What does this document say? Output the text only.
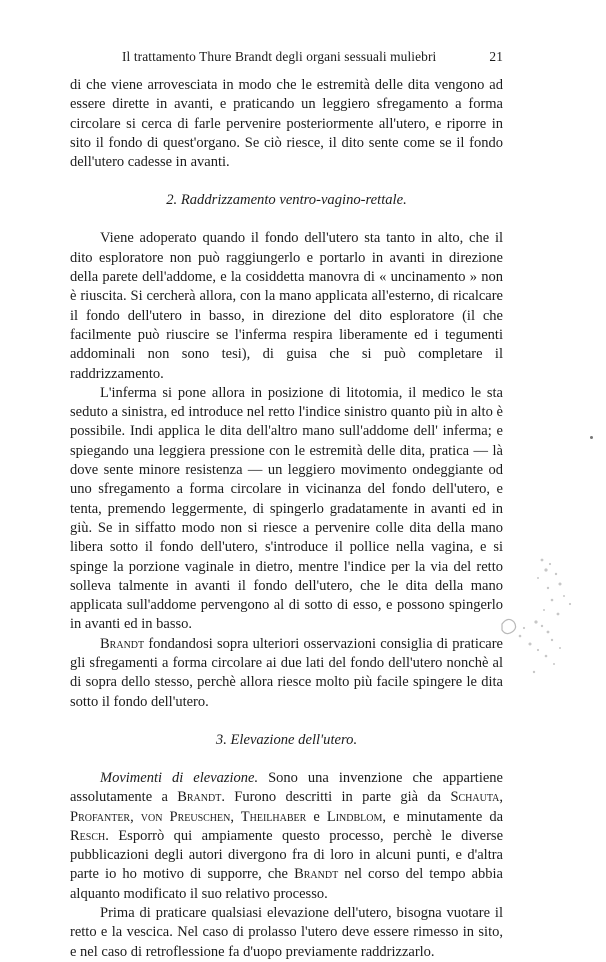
Il trattamento Thure Brandt degli organi sessuali muliebri	21

di che viene arrovesciata in modo che le estremità delle dita vengono ad essere dirette in avanti, e praticando un leggiero sfregamento a forma circolare si cerca di farle pervenire posteriormente all'utero, e riporre in sito il fondo di quest'organo. Se ciò riesce, il dito sente come se il fondo dell'utero cadesse in avanti.

2. Raddrizzamento ventro-vagino-rettale.

Viene adoperato quando il fondo dell'utero sta tanto in alto, che il dito esploratore non può raggiungerlo e portarlo in avanti in direzione della parete dell'addome, e la cosiddetta manovra di « uncinamento » non è riuscita. Si cercherà allora, con la mano applicata all'esterno, di ricalcare il fondo dell'utero in basso, in direzione del dito esploratore (il che facilmente può riuscire se l'inferma respira liberamente ed i tegumenti addominali non sono tesi), di guisa che si può completare il raddrizzamento.

L'inferma si pone allora in posizione di litotomia, il medico le sta seduto a sinistra, ed introduce nel retto l'indice sinistro quanto più in alto è possibile. Indi applica le dita dell'altro mano sull'addome dell' inferma; e spiegando una leggiera pressione con le estremità delle dita, pratica — là dove sente minore resistenza — un leggiero movimento ondeggiante od uno sfregamento a forma circolare in vicinanza del fondo dell'utero, e tenta, premendo leggermente, di spingerlo gradatamente in avanti ed in giù. Se in siffatto modo non si riesce a pervenire colle dita della mano libera sotto il fondo dell'utero, s'introduce il pollice nella vagina, e si spinge la porzione vaginale in dietro, mentre l'indice per la via del retto solleva talmente in avanti il fondo dell'utero, che le dita della mano applicata sull'addome pervengono al di sotto di esso, e possono spingerlo in avanti ed in basso.

Brandt fondandosi sopra ulteriori osservazioni consiglia di praticare gli sfregamenti a forma circolare ai due lati del fondo dell'utero nonchè al di sopra dello stesso, perchè allora riesce molto più facile spingere le dita sotto il fondo dell'utero.

3. Elevazione dell'utero.

Movimenti di elevazione. Sono una invenzione che appartiene assolutamente a Brandt. Furono descritti in parte già da Schauta, Profanter, von Preuschen, Theilhaber e Lindblom, e minutamente da Resch. Esporrò qui ampiamente questo processo, perchè le diverse pubblicazioni degli autori divergono fra di loro in alcuni punti, e d'altra parte io ho motivo di supporre, che Brandt nel corso del tempo abbia alquanto modificato il suo relativo processo.

Prima di praticare qualsiasi elevazione dell'utero, bisogna vuotare il retto e la vescica. Nel caso di prolasso l'utero deve essere rimesso in sito, e nel caso di retroflessione fa d'uopo previamente raddrizzarlo.
